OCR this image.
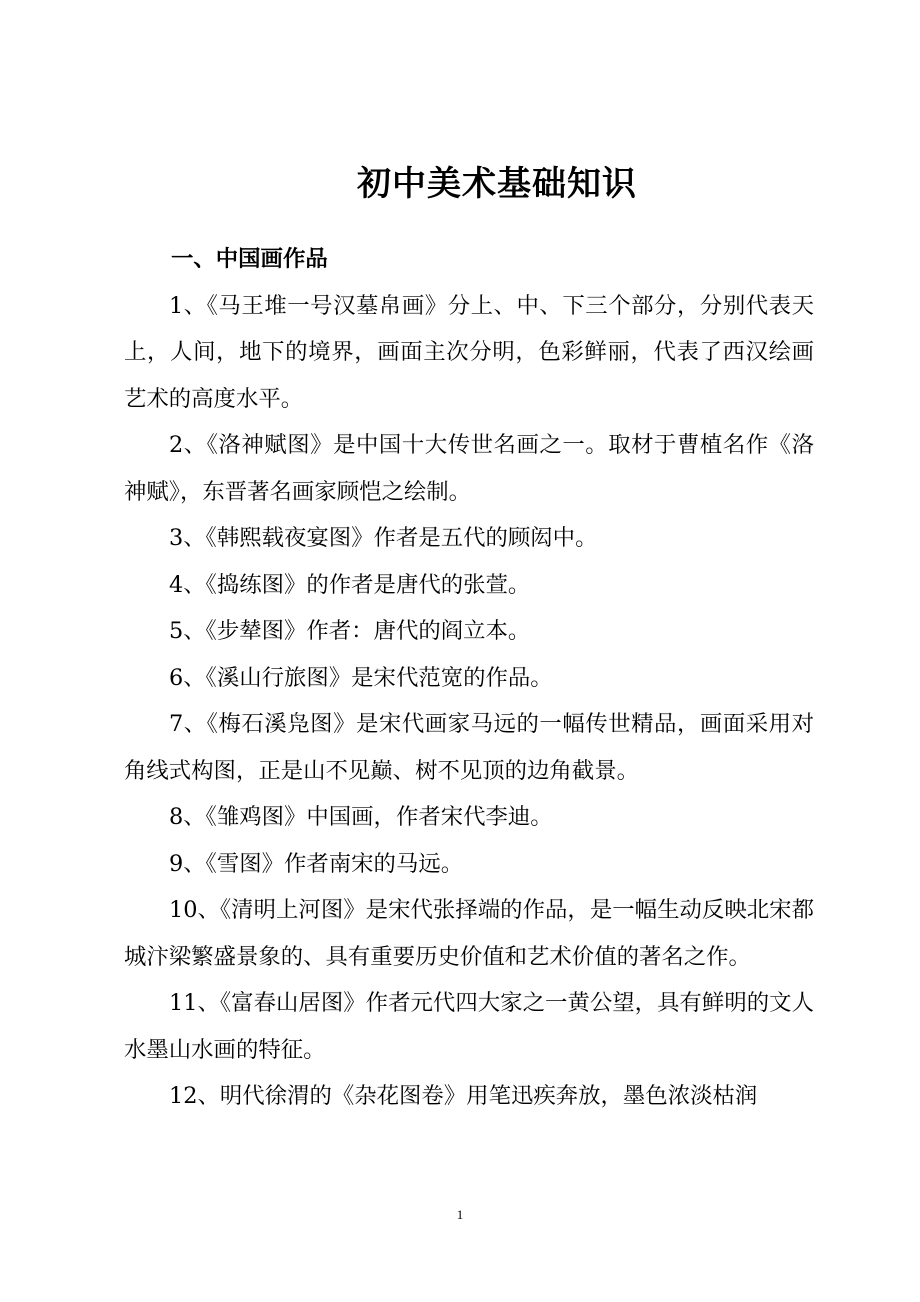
初中美术基础知识

一、中国画作品

1、《马王堆一号汉墓帛画》分上、中、下三个部分，分别代表天上，人间，地下的境界，画面主次分明，色彩鲜丽，代表了西汉绘画艺术的高度水平。

2、《洛神赋图》是中国十大传世名画之一。取材于曹植名作《洛神赋》，东晋著名画家顾恺之绘制。

3、《韩熙载夜宴图》作者是五代的顾闳中。

4、《捣练图》的作者是唐代的张萱。

5、《步辇图》作者：唐代的阎立本。

6、《溪山行旅图》是宋代范宽的作品。

7、《梅石溪凫图》是宋代画家马远的一幅传世精品，画面采用对角线式构图，正是山不见巅、树不见顶的边角截景。

8、《雏鸡图》中国画，作者宋代李迪。

9、《雪图》作者南宋的马远。

10、《清明上河图》是宋代张择端的作品，是一幅生动反映北宋都城汴梁繁盛景象的、具有重要历史价值和艺术价值的著名之作。

11、《富春山居图》作者元代四大家之一黄公望，具有鲜明的文人水墨山水画的特征。

12、明代徐渭的《杂花图卷》用笔迅疾奔放，墨色浓淡枯润

1
